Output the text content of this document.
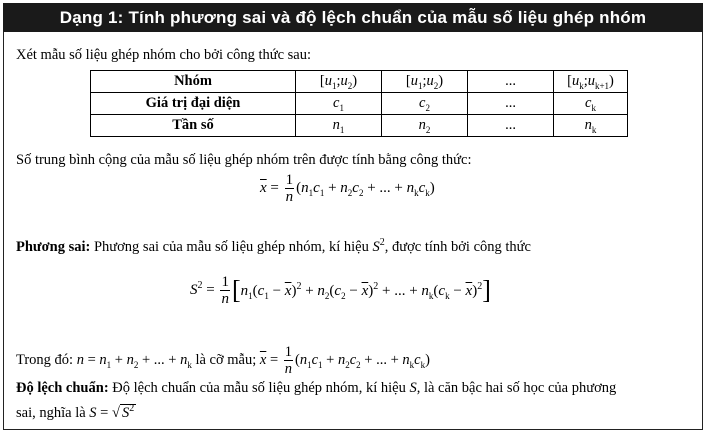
Dạng 1: Tính phương sai và độ lệch chuẩn của mẫu số liệu ghép nhóm
Xét mẫu số liệu ghép nhóm cho bởi công thức sau:
Nhóm	$[u_1;u_2)$	$[u_1;u_2)$	...	$[u_k;u_{k+1})$
Giá trị đại diện	$c_1$	$c_2$	...	$c_k$
Tần số	$n_1$	$n_2$	...	$n_k$
Số trung bình cộng của mẫu số liệu ghép nhóm trên được tính bằng công thức:
$\overline{x} = \frac{1}{n} (n_1c_1 + n_2c_2$ + ... + $n_kc_k$)
Phương sai: Phương sai của mẫu số liệu ghép nhóm, kí hiệu $S^2$, được tính bởi công thức
$S^2 = \frac{1}{n} [n_1(c_1 - \overline{x})^2 + n_2(c_2 - \overline{x})^2$ + ... + $n_k(c_k - \overline{x})^2$]
Trong đó: $n = n_1 + n_2$ + ... + $n_k$ là cỡ mẫu; $\overline{x} = \frac{1}{n} (n_1c_1 + n_2c_2$ + ... + $n_kc_k$)
Độ lệch chuẩn: Độ lệch chuẩn của mẫu số liệu ghép nhóm, kí hiệu S, là căn bậc hai số học của phương
sai, nghĩa là S = √ $S^2$
